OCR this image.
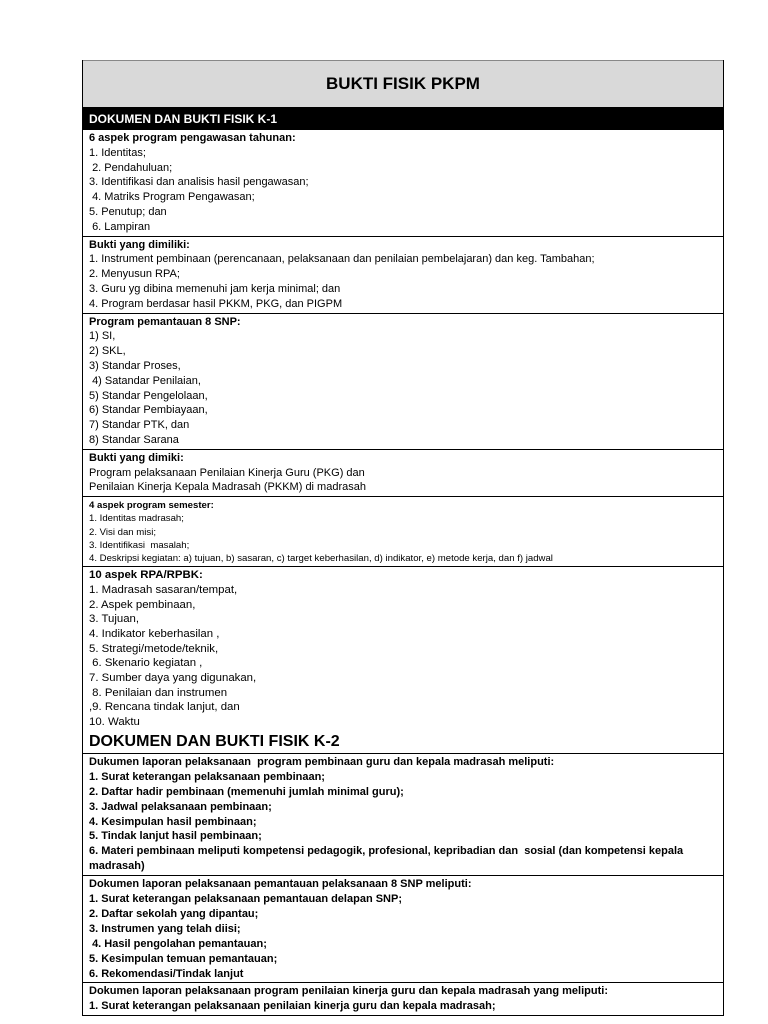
BUKTI FISIK PKPM
DOKUMEN DAN BUKTI FISIK K-1
6 aspek program pengawasan tahunan:
1. Identitas;
2. Pendahuluan;
3. Identifikasi dan analisis hasil pengawasan;
4. Matriks Program Pengawasan;
5. Penutup; dan
6. Lampiran
Bukti yang dimiliki:
1. Instrument pembinaan (perencanaan, pelaksanaan dan penilaian pembelajaran) dan keg. Tambahan;
2. Menyusun RPA;
3. Guru yg dibina memenuhi jam kerja minimal; dan
4. Program berdasar hasil PKKM, PKG, dan PIGPM
Program pemantauan 8 SNP:
1) SI,
2) SKL,
3) Standar Proses,
4) Satandar Penilaian,
5) Standar Pengelolaan,
6) Standar Pembiayaan,
7) Standar PTK, dan
8) Standar Sarana
Bukti yang dimiki:
Program pelaksanaan Penilaian Kinerja Guru (PKG) dan
Penilaian Kinerja Kepala Madrasah (PKKM) di madrasah
4 aspek program semester:
1. Identitas madrasah;
2. Visi dan misi;
3. Identifikasi  masalah;
4. Deskripsi kegiatan: a) tujuan, b) sasaran, c) target keberhasilan, d) indikator, e) metode kerja, dan f) jadwal
10 aspek RPA/RPBK:
1. Madrasah sasaran/tempat,
2. Aspek pembinaan,
3. Tujuan,
4. Indikator keberhasilan ,
5. Strategi/metode/teknik,
6. Skenario kegiatan ,
7. Sumber daya yang digunakan,
8. Penilaian dan instrumen
,9. Rencana tindak lanjut, dan
10. Waktu
DOKUMEN DAN BUKTI FISIK K-2
Dukumen laporan pelaksanaan  program pembinaan guru dan kepala madrasah meliputi:
1. Surat keterangan pelaksanaan pembinaan;
2. Daftar hadir pembinaan (memenuhi jumlah minimal guru);
3. Jadwal pelaksanaan pembinaan;
4. Kesimpulan hasil pembinaan;
5. Tindak lanjut hasil pembinaan;
6. Materi pembinaan meliputi kompetensi pedagogik, profesional, kepribadian dan  sosial (dan kompetensi kepala madrasah)
Dokumen laporan pelaksanaan pemantauan pelaksanaan 8 SNP meliputi:
1. Surat keterangan pelaksanaan pemantauan delapan SNP;
2. Daftar sekolah yang dipantau;
3. Instrumen yang telah diisi;
4. Hasil pengolahan pemantauan;
5. Kesimpulan temuan pemantauan;
6. Rekomendasi/Tindak lanjut
Dokumen laporan pelaksanaan program penilaian kinerja guru dan kepala madrasah yang meliputi:
1. Surat keterangan pelaksanaan penilaian kinerja guru dan kepala madrasah;
